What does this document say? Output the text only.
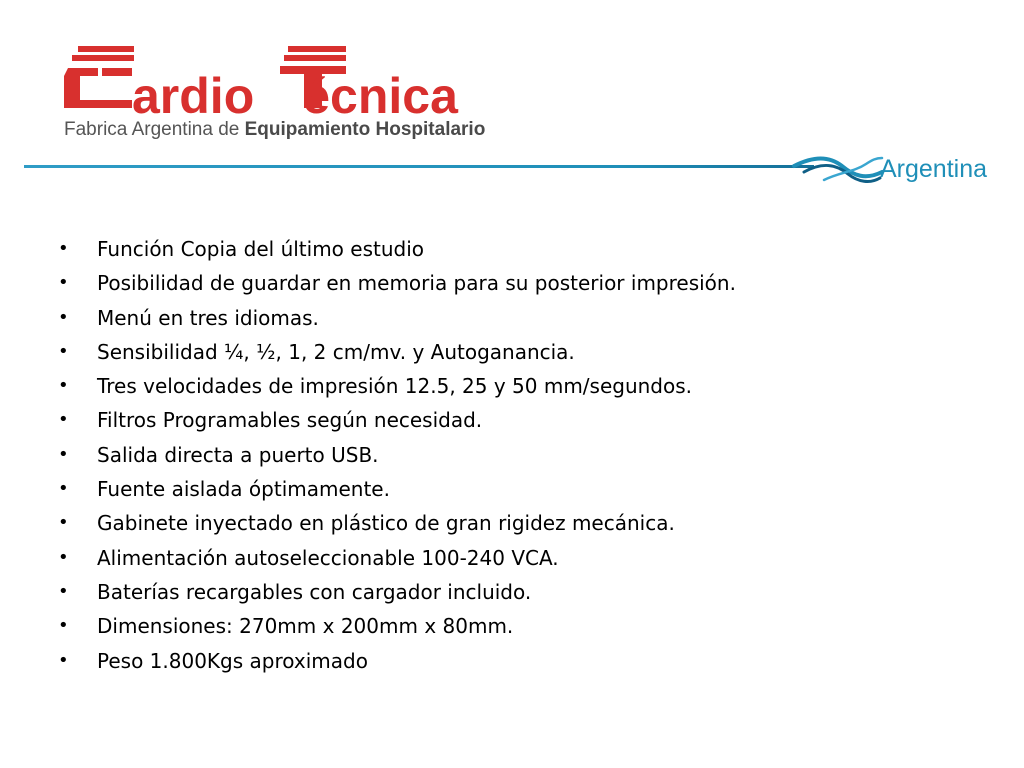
ardio écnica
Fabrica Argentina de Equipamiento Hospitalario
Argentina
• Función Copia del último estudio
• Posibilidad de guardar en memoria para su posterior impresión.
• Menú en tres idiomas.
• Sensibilidad ¼, ½, 1, 2 cm/mv. y Autoganancia.
• Tres velocidades de impresión 12.5, 25 y 50 mm/segundos.
• Filtros Programables según necesidad.
• Salida directa a puerto USB.
• Fuente aislada óptimamente.
• Gabinete inyectado en plástico de gran rigidez mecánica.
• Alimentación autoseleccionable 100-240 VCA.
• Baterías recargables con cargador incluido.
• Dimensiones: 270mm x 200mm x 80mm.
• Peso 1.800Kgs aproximado
